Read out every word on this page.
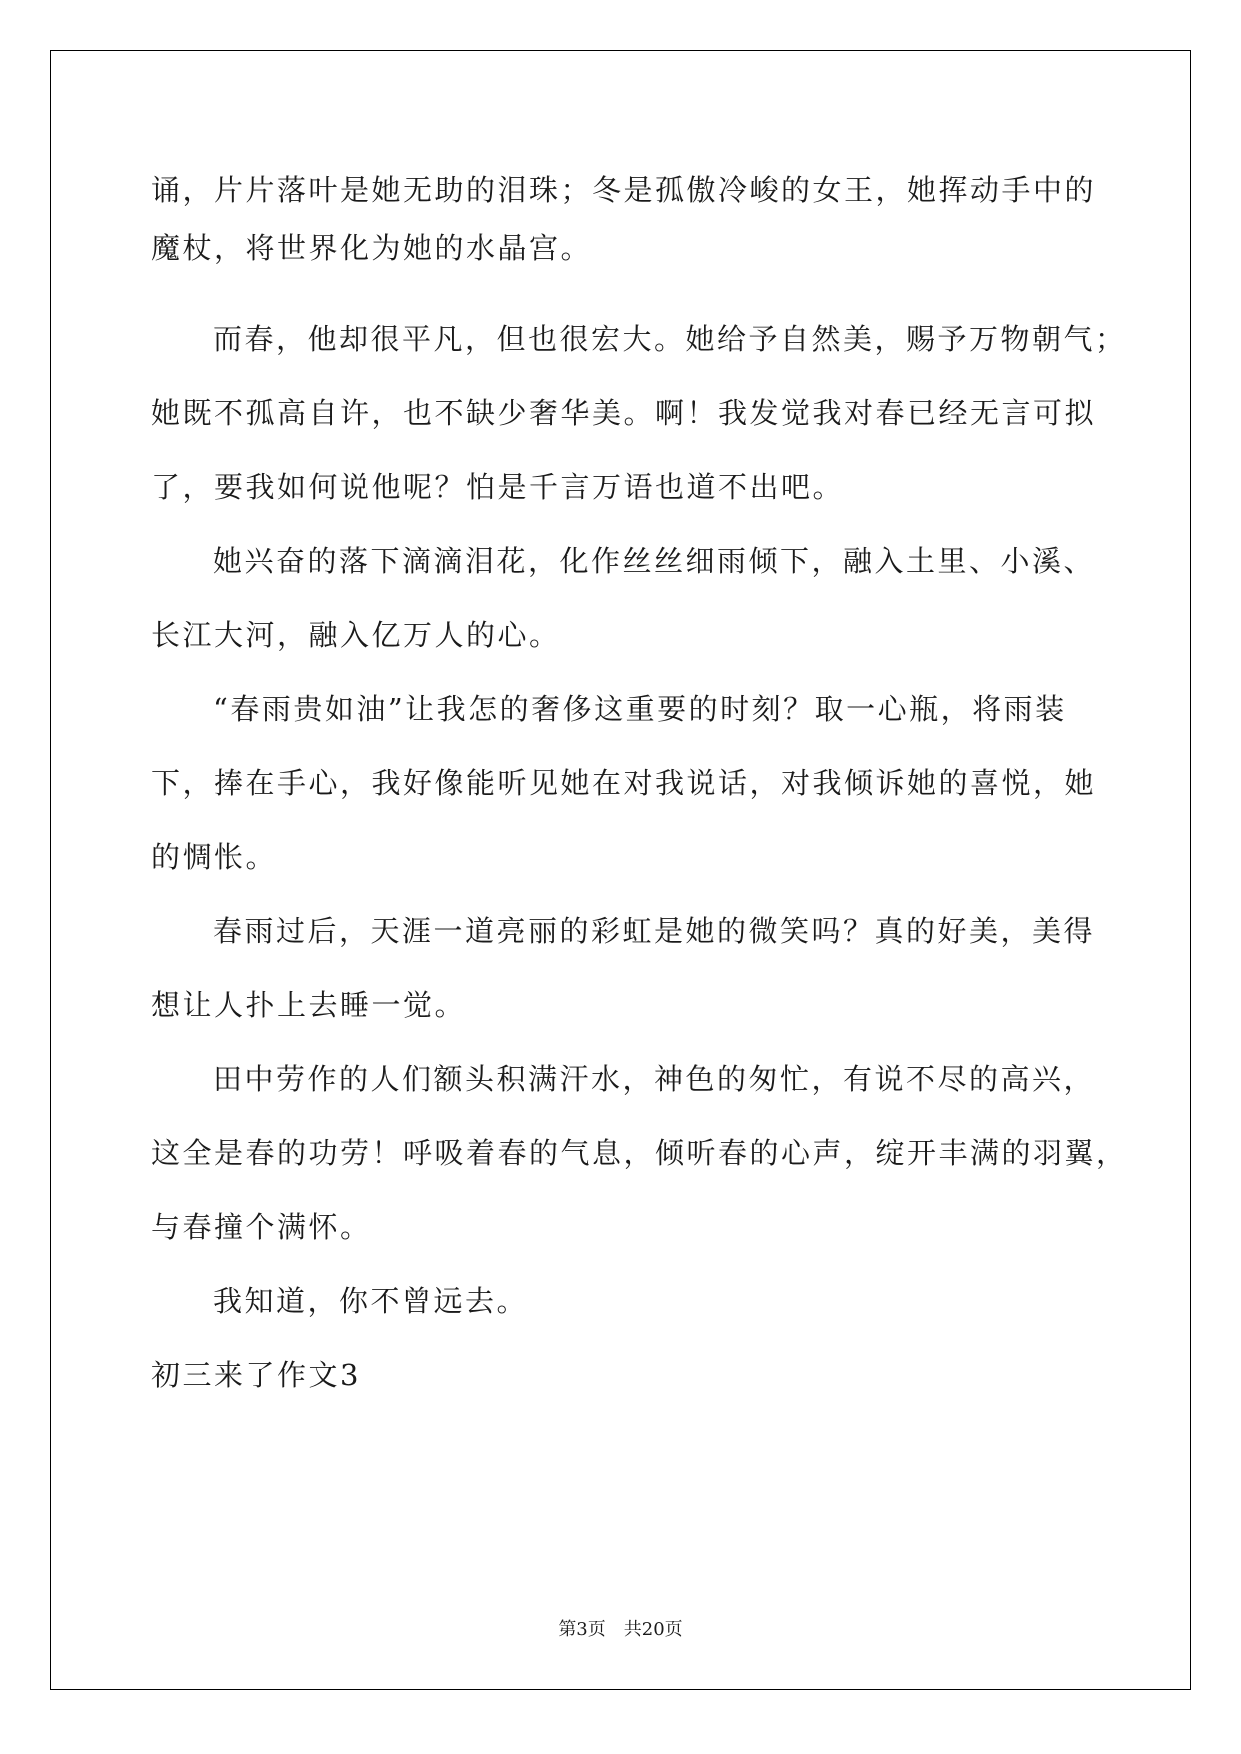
诵，片片落叶是她无助的泪珠；冬是孤傲冷峻的女王，她挥动手中的

魔杖，将世界化为她的水晶宫。

而春，他却很平凡，但也很宏大。她给予自然美，赐予万物朝气；

她既不孤高自许，也不缺少奢华美。啊！我发觉我对春已经无言可拟

了，要我如何说他呢？怕是千言万语也道不出吧。

她兴奋的落下滴滴泪花，化作丝丝细雨倾下，融入土里、小溪、

长江大河，融入亿万人的心。

“春雨贵如油”让我怎的奢侈这重要的时刻？取一心瓶，将雨装

下，捧在手心，我好像能听见她在对我说话，对我倾诉她的喜悦，她

的惆怅。

春雨过后，天涯一道亮丽的彩虹是她的微笑吗？真的好美，美得

想让人扑上去睡一觉。

田中劳作的人们额头积满汗水，神色的匆忙，有说不尽的高兴，

这全是春的功劳！呼吸着春的气息，倾听春的心声，绽开丰满的羽翼，

与春撞个满怀。

我知道，你不曾远去。

初三来了作文3

第3页 共20页
